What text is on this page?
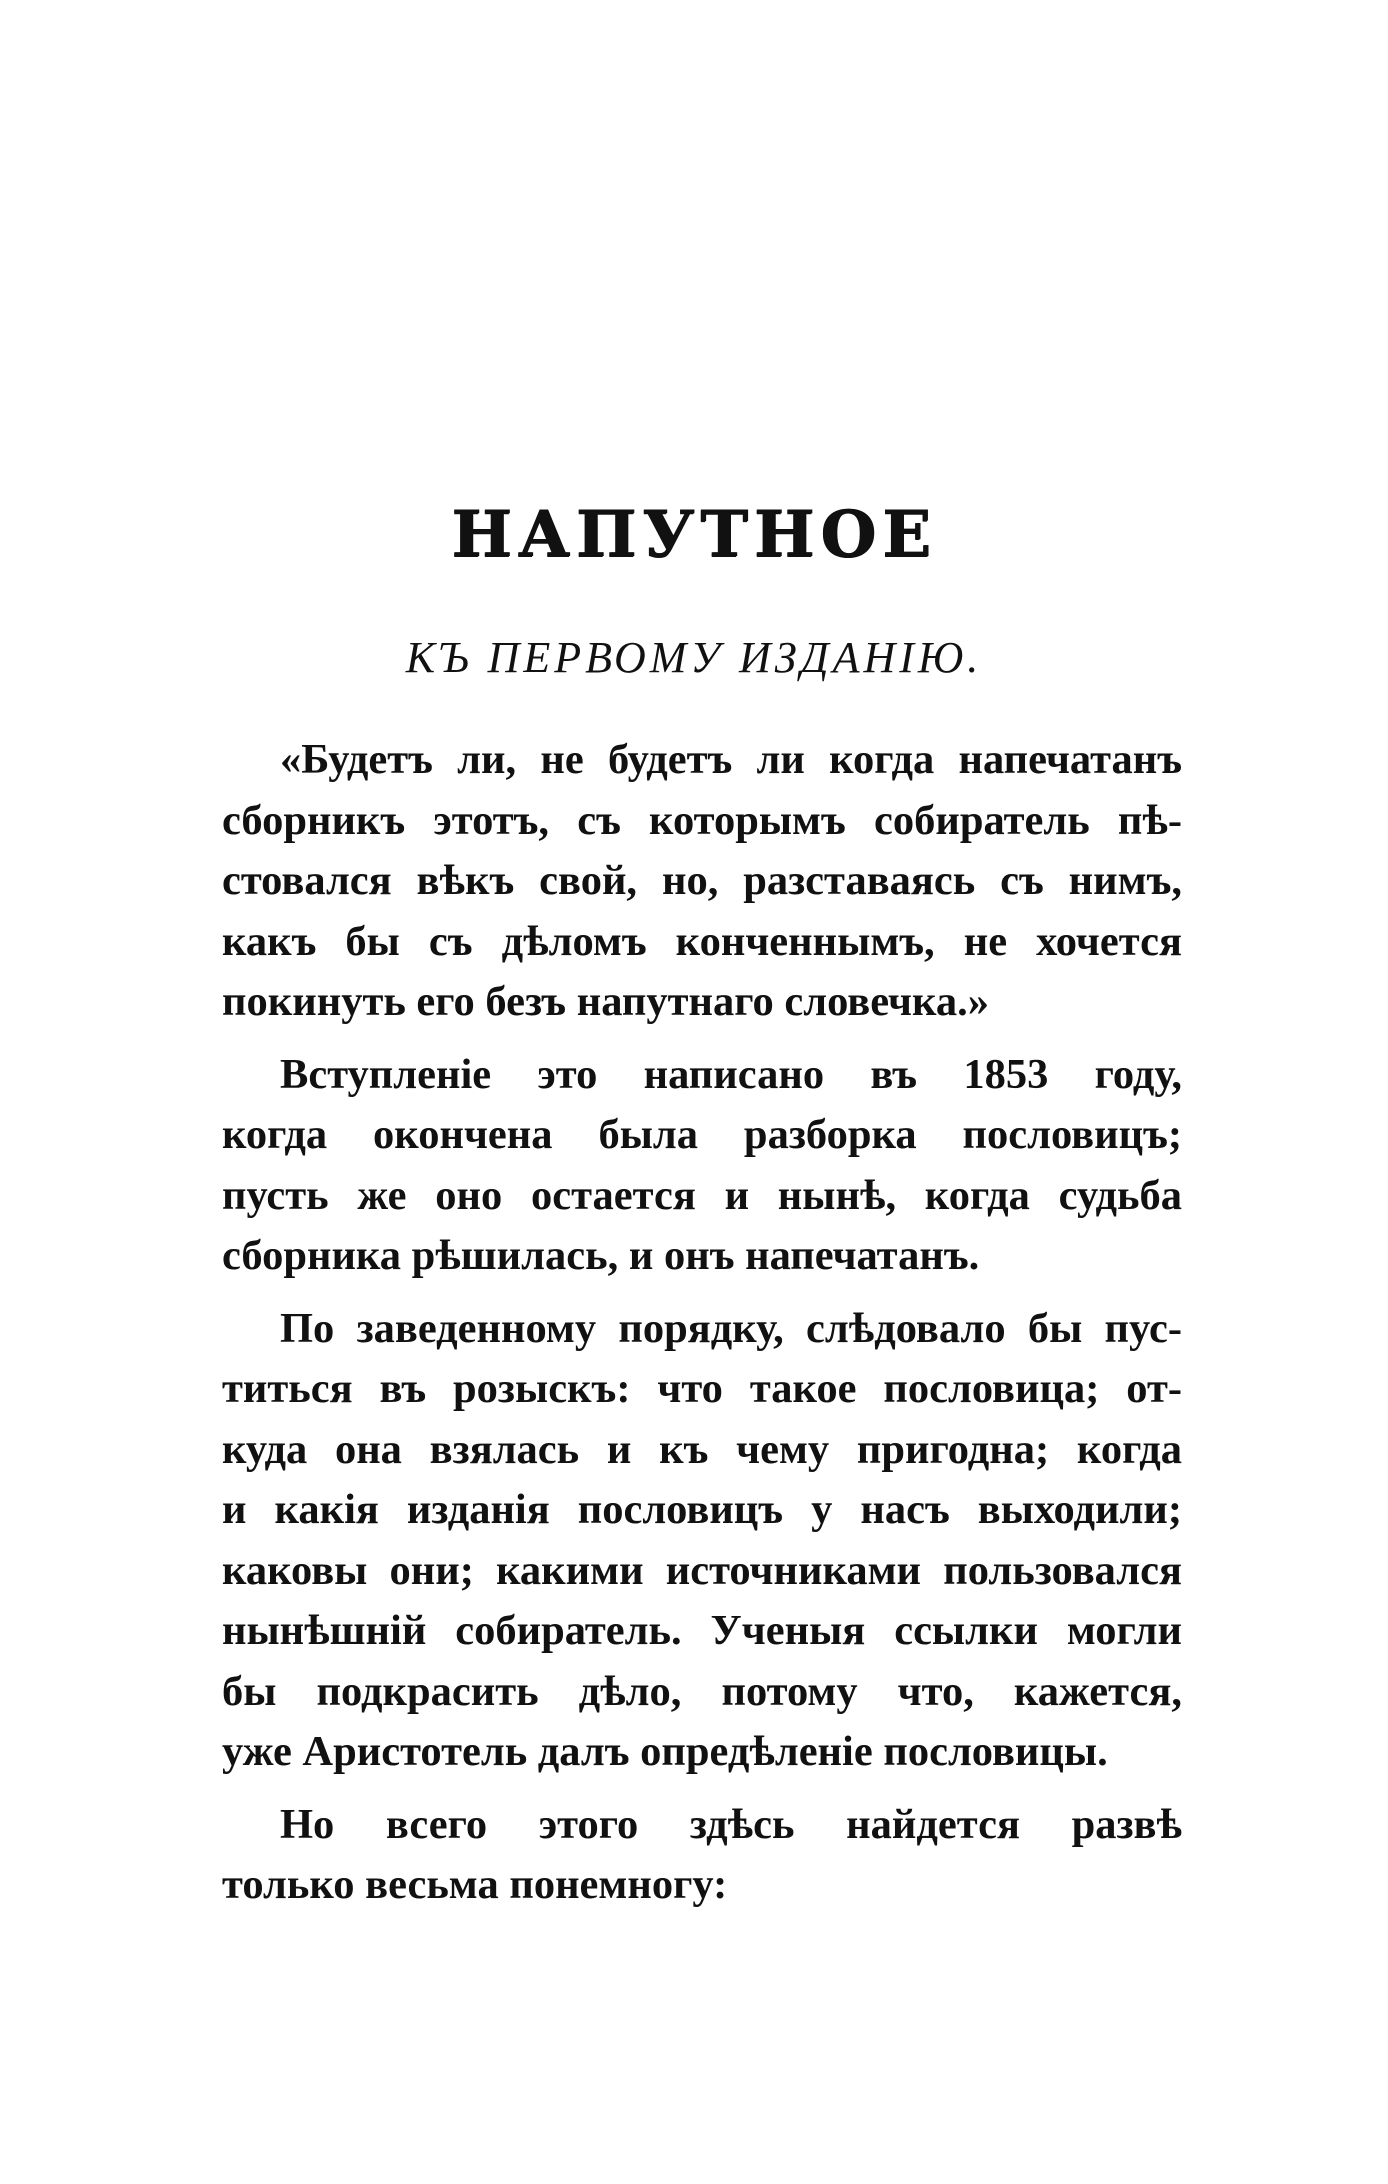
НАПУТНОЕ
КЪ ПЕРВОМУ ИЗДАНІЮ.
«Будетъ ли, не будетъ ли когда напечатанъ
сборникъ этотъ, съ которымъ собиратель пѣ-
стовался вѣкъ свой, но, разставаясь съ нимъ,
какъ бы съ дѣломъ конченнымъ, не хочется
покинуть его безъ напутнаго словечка.»
Вступленіе это написано въ 1853 году,
когда окончена была разборка пословицъ;
пусть же оно остается и нынѣ, когда судьба
сборника рѣшилась, и онъ напечатанъ.
По заведенному порядку, слѣдовало бы пус-
титься въ розыскъ: что такое пословица; от-
куда она взялась и къ чему пригодна; когда
и какія изданія пословицъ у насъ выходили;
каковы они; какими источниками пользовался
нынѣшній собиратель. Ученыя ссылки могли
бы подкрасить дѣло, потому что, кажется,
уже Аристотель далъ опредѣленіе пословицы.
Но всего этого здѣсь найдется развѣ
только весьма понемногу:
